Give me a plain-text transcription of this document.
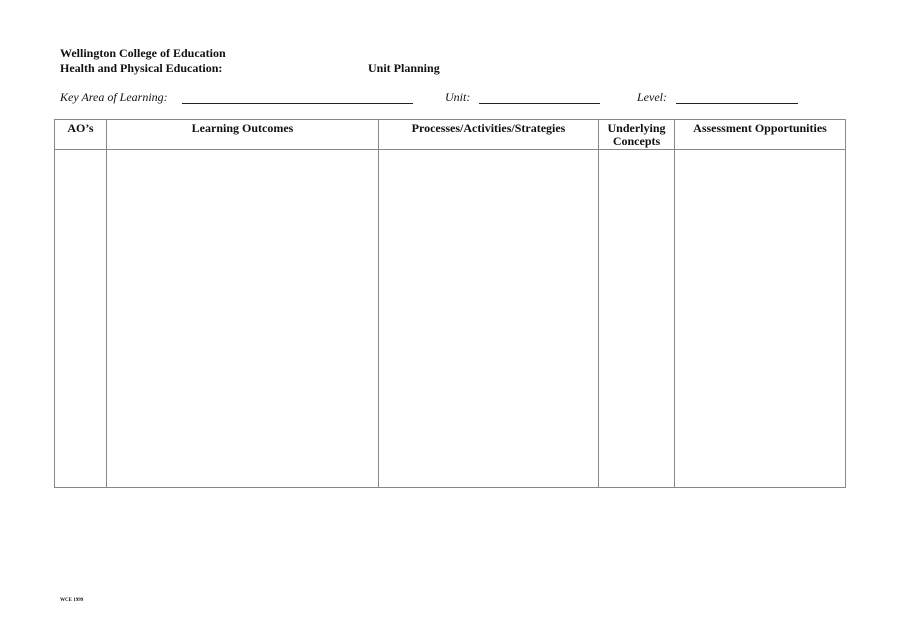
Wellington College of Education
Health and Physical Education:	Unit Planning
Key Area of Learning:	Unit:	Level:
AO’s	Learning Outcomes	Processes/Activities/Strategies	Underlying Concepts	Assessment Opportunities

WCE 1999
